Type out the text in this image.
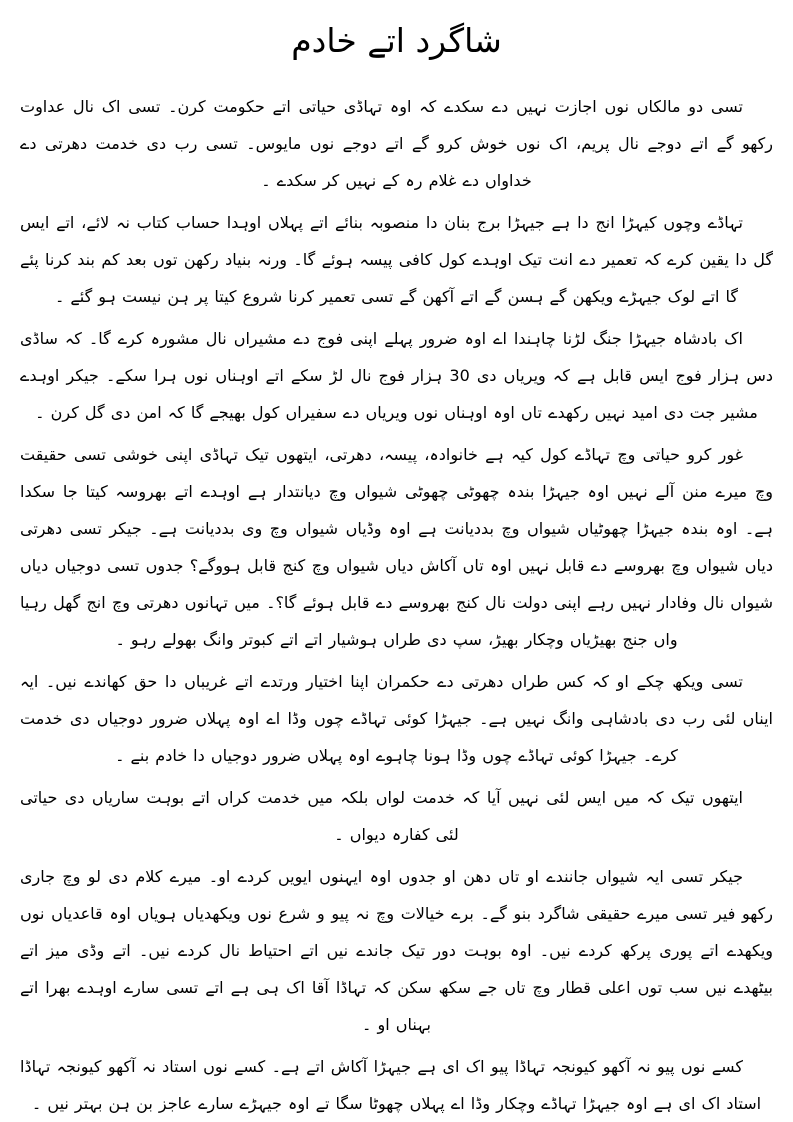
شاگرد اتے خادم

تسی دو مالکاں نوں اجازت نہیں دے سکدے کہ اوہ تہاڈی حیاتی اتے حکومت کرن۔ تسی اک نال عداوت رکھو گے اتے دوجے نال پریم، اک نوں خوش کرو گے اتے دوجے نوں مایوس۔ تسی رب دی خدمت دھرتی دے خداواں دے غلام رہ کے نہیں کر سکدے ۔

تہاڈے وچوں کیہڑا انج دا ہے جیہڑا برج بنان دا منصوبہ بنائے اتے پہلاں اوہدا حساب کتاب نہ لائے، اتے ایس گل دا یقین کرے کہ تعمیر دے انت تیک اوہدے کول کافی پیسہ ہوئے گا۔ ورنہ بنیاد رکھن توں بعد کم بند کرنا پئے گا اتے لوک جیہڑے ویکھن گے ہسن گے اتے آکھن گے تسی تعمیر کرنا شروع کیتا پر ہن نیست ہو گئے ۔

اک بادشاہ جیہڑا جنگ لڑنا چاہندا اے اوہ ضرور پہلے اپنی فوج دے مشیراں نال مشورہ کرے گا۔ کہ ساڈی دس ہزار فوج ایس قابل ہے کہ ویریاں دی 30 ہزار فوج نال لڑ سکے اتے اوہناں نوں ہرا سکے۔ جیکر اوہدے مشیر جت دی امید نہیں رکھدے تاں اوہ اوہناں نوں ویریاں دے سفیراں کول بھیجے گا کہ امن دی گل کرن ۔

غور کرو حیاتی وچ تہاڈے کول کیہ ہے خانوادہ، پیسہ، دھرتی، ایتھوں تیک تہاڈی اپنی خوشی تسی حقیقت وچ میرے منن آلے نہیں اوہ جیہڑا بندہ چھوٹی چھوٹی شیواں وچ دیانتدار ہے اوہدے اتے بھروسہ کیتا جا سکدا ہے۔ اوہ بندہ جیہڑا چھوٹیاں شیواں وچ بددیانت ہے اوہ وڈیاں شیواں وچ وی بددیانت ہے۔ جیکر تسی دھرتی دیاں شیواں وچ بھروسے دے قابل نہیں اوہ تاں آکاش دیاں شیواں وچ کنج قابل ہووگے؟ جدوں تسی دوجیاں دیاں شیواں نال وفادار نہیں رہے اپنی دولت نال کنج بھروسے دے قابل ہوئے گا؟۔ میں تہانوں دھرتی وچ انج گھل رہیا واں جنج بھیڑیاں وچکار بھیڑ، سپ دی طراں ہوشیار اتے اتے کبوتر وانگ بھولے رہو ۔

تسی ویکھ چکے او کہ کس طراں دھرتی دے حکمران اپنا اختیار ورتدے اتے غریباں دا حق کھاندے نیں۔ ایہ ایناں لئی رب دی بادشاہی وانگ نہیں ہے۔ جیہڑا کوئی تہاڈے چوں وڈا اے اوہ پہلاں ضرور دوجیاں دی خدمت کرے۔ جیہڑا کوئی تہاڈے چوں وڈا ہونا چاہوے اوہ پہلاں ضرور دوجیاں دا خادم بنے ۔

ایتھوں تیک کہ میں ایس لئی نہیں آیا کہ خدمت لواں بلکہ میں خدمت کراں اتے بوہت ساریاں دی حیاتی لئی کفارہ دیواں ۔

جیکر تسی ایہ شیواں جانندے او تاں دھن او جدوں اوہ ایہنوں ایویں کردے او۔ میرے کلام دی لو وچ جاری رکھو فیر تسی میرے حقیقی شاگرد بنو گے۔ برے خیالات وچ نہ پیو و شرع نوں ویکھدیاں ہویاں اوہ قاعدیاں نوں ویکھدے اتے پوری پرکھ کردے نیں۔ اوہ بوہت دور تیک جاندے نیں اتے احتیاط نال کردے نیں۔ اتے وڈی میز اتے بیٹھدے نیں سب توں اعلی قطار وچ تاں جے سکھ سکن کہ تہاڈا آقا اک ہی ہے اتے تسی سارے اوہدے بھرا اتے بہناں او ۔

کسے نوں پیو نہ آکھو کیونجہ تہاڈا پیو اک ای ہے جیہڑا آکاش اتے ہے۔ کسے نوں استاد نہ آکھو کیونجہ تہاڈا استاد اک ای ہے اوہ جیہڑا تہاڈے وچکار وڈا اے پہلاں چھوٹا سگا تے اوہ جیہڑے سارے عاجز بن ہن بہتر نیں ۔
